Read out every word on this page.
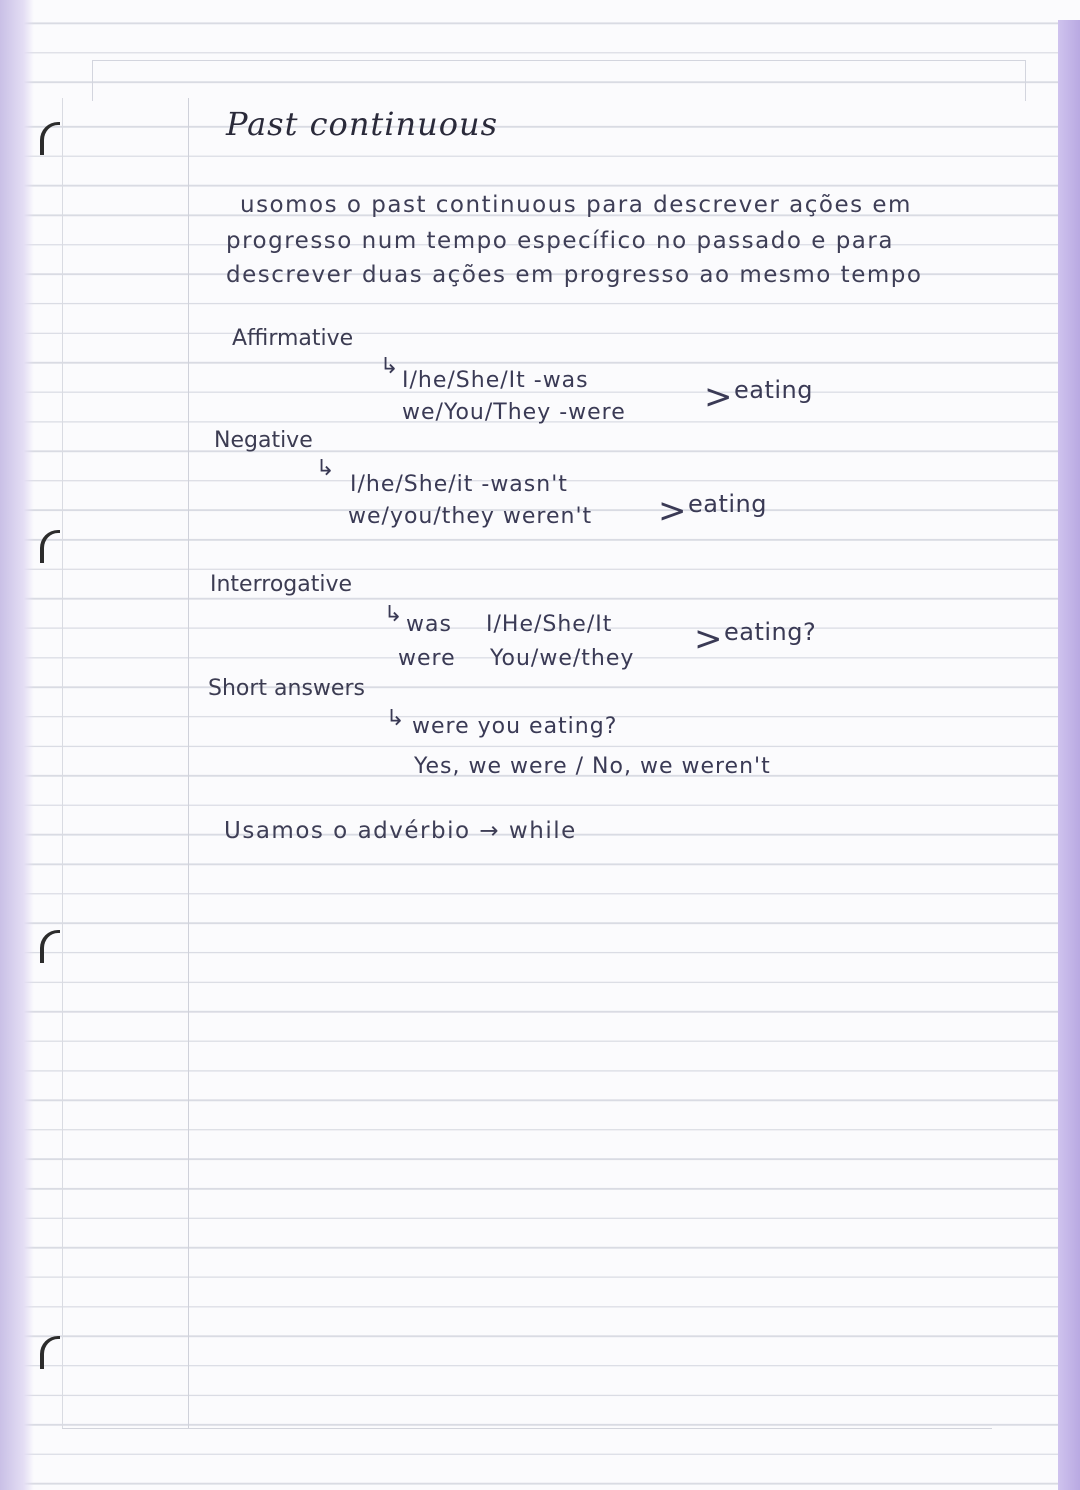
Past continuous
usomos o past continuous para descrever ações em
progresso num tempo específico no passado e para
descrever duas ações em progresso ao mesmo tempo
Affirmative
↳
I/he/She/It -was
we/You/They -were > eating
Negative
↳
I/he/She/it -wasn't
we/you/they weren't > eating
Interrogative
↳ was I/He/She/It
were You/we/they > eating?
Short answers
↳ were you eating?
Yes, we were / No, we weren't
Usamos o advérbio → while
